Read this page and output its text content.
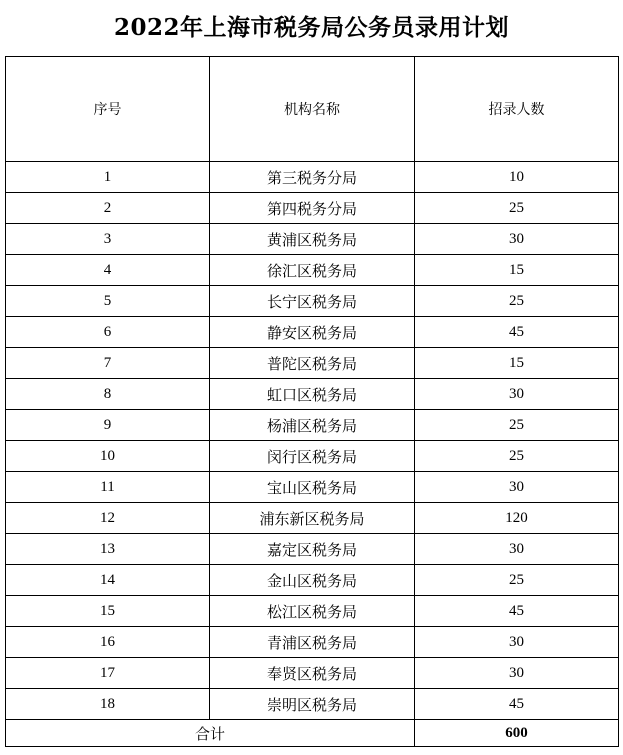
2022年上海市税务局公务员录用计划
序号	机构名称	招录人数
1	第三税务分局	10
2	第四税务分局	25
3	黄浦区税务局	30
4	徐汇区税务局	15
5	长宁区税务局	25
6	静安区税务局	45
7	普陀区税务局	15
8	虹口区税务局	30
9	杨浦区税务局	25
10	闵行区税务局	25
11	宝山区税务局	30
12	浦东新区税务局	120
13	嘉定区税务局	30
14	金山区税务局	25
15	松江区税务局	45
16	青浦区税务局	30
17	奉贤区税务局	30
18	崇明区税务局	45
合计		600
